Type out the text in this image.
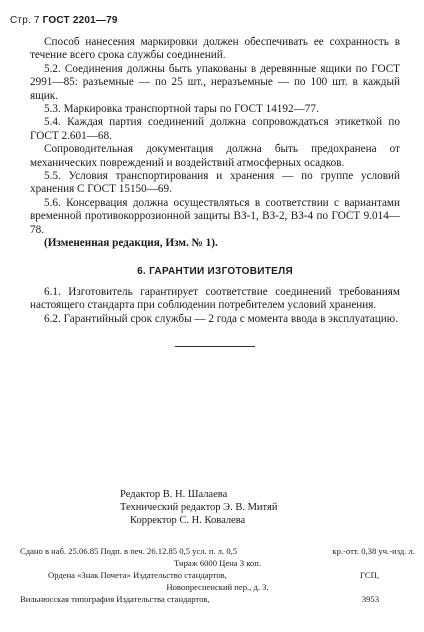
Стр. 7 ГОСТ 2201—79

Способ нанесения маркировки должен обеспечивать ее сохранность в течение всего срока службы соединений.

5.2. Соединения должны быть упакованы в деревянные ящики по ГОСТ 2991—85: разъемные — по 25 шт., неразъемные — по 100 шт. в каждый ящик.

5.3. Маркировка транспортной тары по ГОСТ 14192—77.

5.4. Каждая партия соединений должна сопровождаться этикеткой по ГОСТ 2.601—68.

Сопроводительная документация должна быть предохранена от механических повреждений и воздействий атмосферных осадков.

5.5. Условия транспортирования и хранения — по группе условий хранения С ГОСТ 15150—69.

5.6. Консервация должна осуществляться в соответствии с вариантами временной противокоррозионной защиты ВЗ-1, ВЗ-2, ВЗ-4 по ГОСТ 9.014—78.

(Измененная редакция, Изм. № 1).

6. ГАРАНТИИ ИЗГОТОВИТЕЛЯ

6.1. Изготовитель гарантирует соответствие соединений требованиям настоящего стандарта при соблюдении потребителем условий хранения.

6.2. Гарантийный срок службы — 2 года с момента ввода в эксплуатацию.

Редактор В. Н. Шалаева
Технический редактор Э. В. Митяй
Корректор С. Н. Ковалева
Сдано в наб. 25.06.85 Подп. в печ. 26.12.85 0,5 усл. п. л. 0,5	кр.-отт. 0,38 уч.-изд. л.
Тираж 6000 Цена 3 коп.
Ордена «Знак Почета» Издательство стандартов,	ГСП,
Новопресненский пер., д. 3.
Вильнюсская типография Издательства стандартов,	3953
